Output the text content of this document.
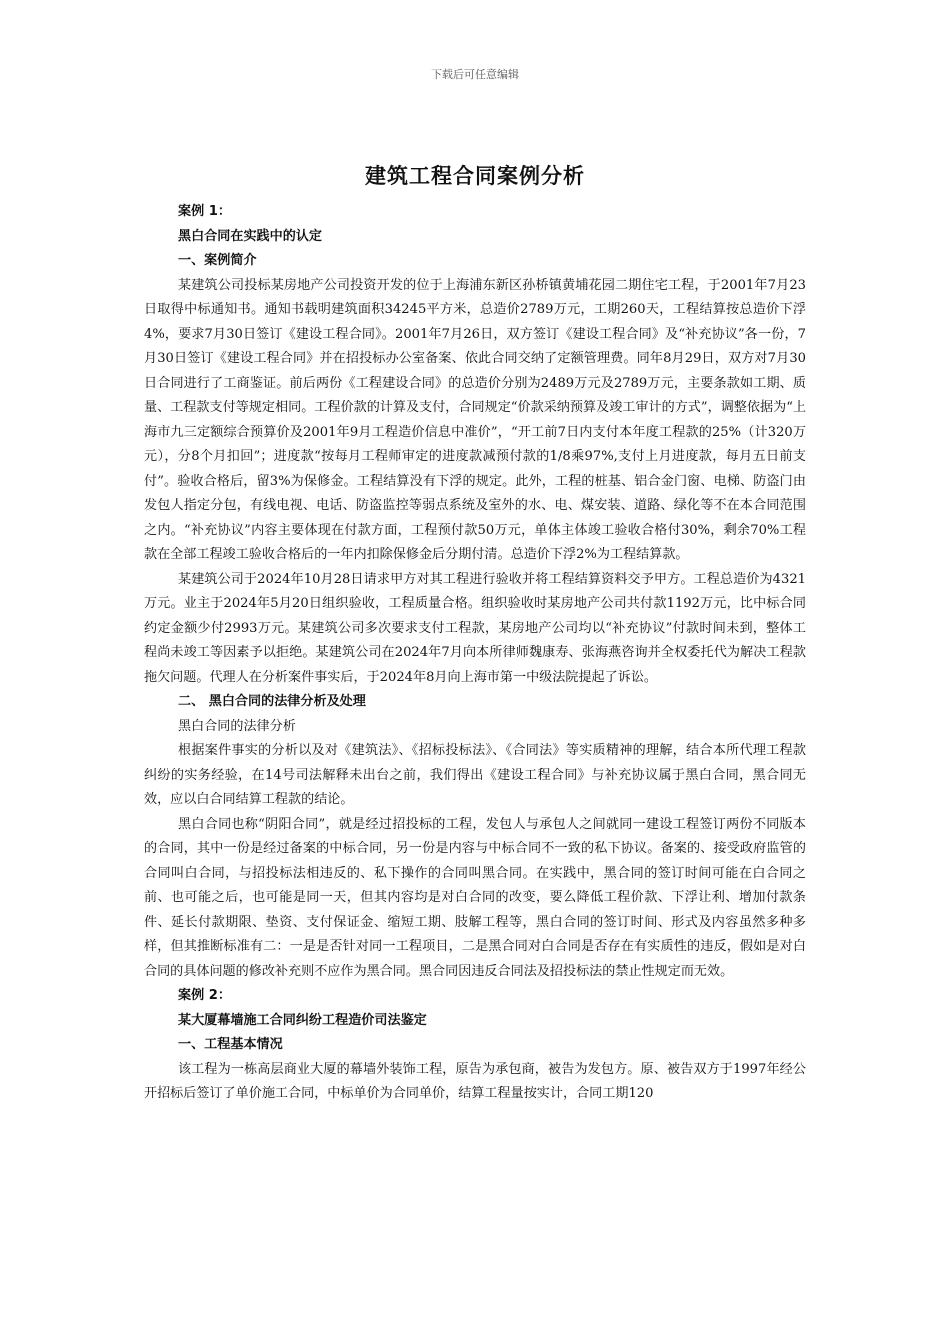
下载后可任意编辑
建筑工程合同案例分析

案例 1：

黑白合同在实践中的认定

一、案例简介

某建筑公司投标某房地产公司投资开发的位于上海浦东新区孙桥镇黄埔花园二期住宅工程，于2001年7月23日取得中标通知书。通知书载明建筑面积34245平方米，总造价2789万元，工期260天，工程结算按总造价下浮4%，要求7月30日签订《建设工程合同》。2001年7月26日，双方签订《建设工程合同》及“补充协议”各一份，7月30日签订《建设工程合同》并在招投标办公室备案、依此合同交纳了定额管理费。同年8月29日，双方对7月30日合同进行了工商鉴证。前后两份《工程建设合同》的总造价分别为2489万元及2789万元，主要条款如工期、质量、工程款支付等规定相同。工程价款的计算及支付，合同规定“价款采纳预算及竣工审计的方式”，调整依据为“上海市九三定额综合预算价及2001年9月工程造价信息中准价”，“开工前7日内支付本年度工程款的25%（计320万元），分8个月扣回”；进度款“按每月工程师审定的进度款减预付款的1/8乘97%,支付上月进度款，每月五日前支付”。验收合格后，留3%为保修金。工程结算没有下浮的规定。此外，工程的桩基、铝合金门窗、电梯、防盗门由发包人指定分包，有线电视、电话、防盗监控等弱点系统及室外的水、电、煤安装、道路、绿化等不在本合同范围之内。“补充协议”内容主要体现在付款方面，工程预付款50万元，单体主体竣工验收合格付30%，剩余70%工程款在全部工程竣工验收合格后的一年内扣除保修金后分期付清。总造价下浮2%为工程结算款。

某建筑公司于2024年10月28日请求甲方对其工程进行验收并将工程结算资料交予甲方。工程总造价为4321万元。业主于2024年5月20日组织验收，工程质量合格。组织验收时某房地产公司共付款1192万元，比中标合同约定金额少付2993万元。某建筑公司多次要求支付工程款，某房地产公司均以“补充协议”付款时间未到，整体工程尚未竣工等因素予以拒绝。某建筑公司在2024年7月向本所律师魏康寿、张海燕咨询并全权委托代为解决工程款拖欠问题。代理人在分析案件事实后，于2024年8月向上海市第一中级法院提起了诉讼。

二、 黑白合同的法律分析及处理

黑白合同的法律分析

根据案件事实的分析以及对《建筑法》、《招标投标法》、《合同法》等实质精神的理解，结合本所代理工程款纠纷的实务经验，在14号司法解释未出台之前，我们得出《建设工程合同》与补充协议属于黑白合同，黑合同无效，应以白合同结算工程款的结论。

黑白合同也称“阴阳合同”，就是经过招投标的工程，发包人与承包人之间就同一建设工程签订两份不同版本的合同，其中一份是经过备案的中标合同，另一份是内容与中标合同不一致的私下协议。备案的、接受政府监管的合同叫白合同，与招投标法相违反的、私下操作的合同叫黑合同。在实践中，黑合同的签订时间可能在白合同之前、也可能之后，也可能是同一天，但其内容均是对白合同的改变，要么降低工程价款、下浮让利、增加付款条件、延长付款期限、垫资、支付保证金、缩短工期、肢解工程等，黑白合同的签订时间、形式及内容虽然多种多样，但其推断标准有二：一是是否针对同一工程项目，二是黑合同对白合同是否存在有实质性的违反，假如是对白合同的具体问题的修改补充则不应作为黑合同。黑合同因违反合同法及招投标法的禁止性规定而无效。

案例 2：

某大厦幕墙施工合同纠纷工程造价司法鉴定

一、工程基本情况

该工程为一栋高层商业大厦的幕墙外装饰工程，原告为承包商，被告为发包方。原、被告双方于1997年经公开招标后签订了单价施工合同，中标单价为合同单价，结算工程量按实计，合同工期120
